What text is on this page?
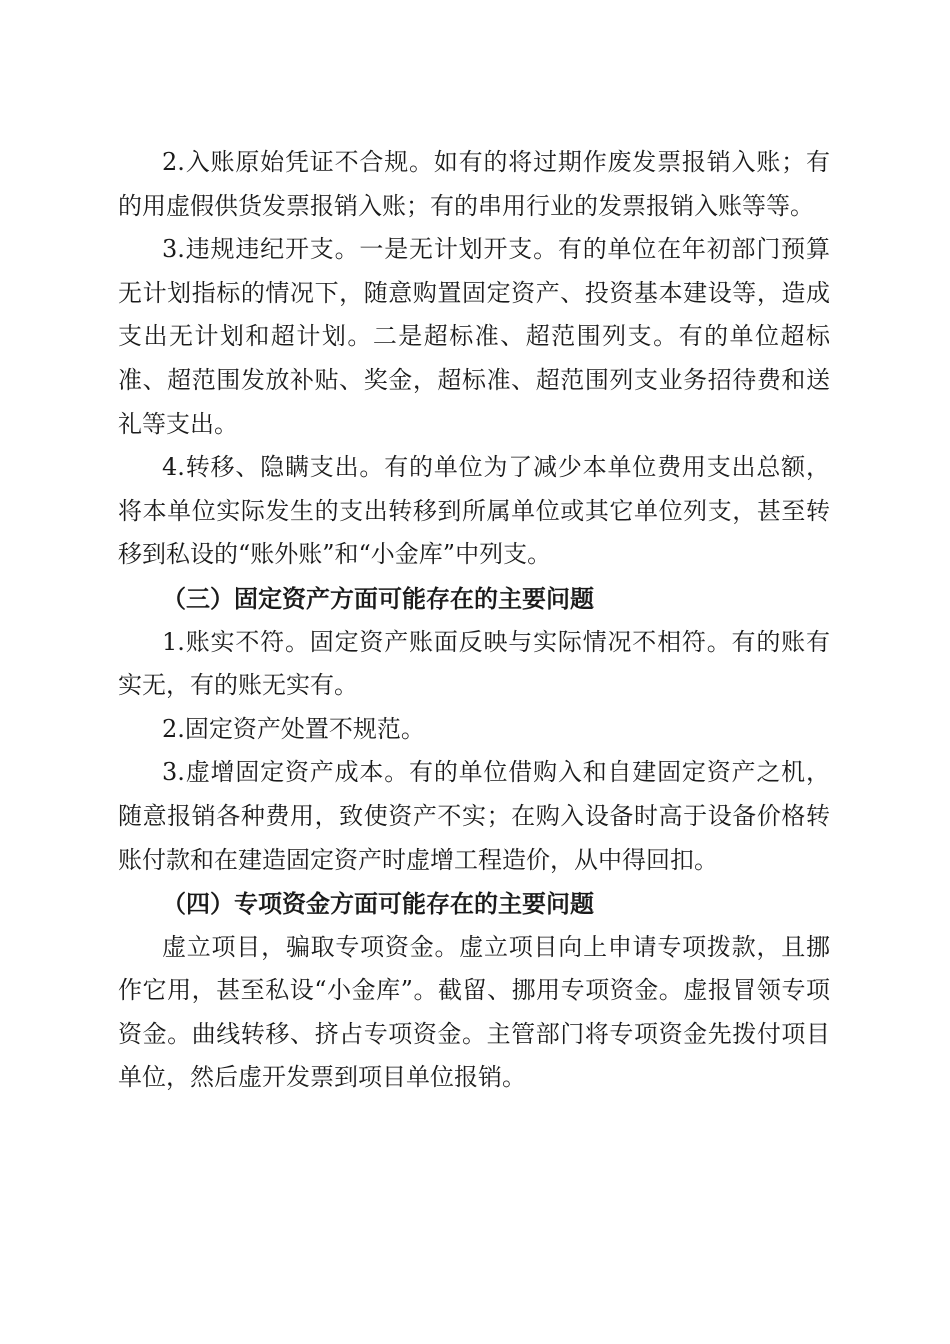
2.入账原始凭证不合规。如有的将过期作废发票报销入账；有的用虚假供货发票报销入账；有的串用行业的发票报销入账等等。

3.违规违纪开支。一是无计划开支。有的单位在年初部门预算无计划指标的情况下，随意购置固定资产、投资基本建设等，造成支出无计划和超计划。二是超标准、超范围列支。有的单位超标准、超范围发放补贴、奖金，超标准、超范围列支业务招待费和送礼等支出。

4.转移、隐瞒支出。有的单位为了减少本单位费用支出总额，将本单位实际发生的支出转移到所属单位或其它单位列支，甚至转移到私设的“账外账”和“小金库”中列支。

（三）固定资产方面可能存在的主要问题

1.账实不符。固定资产账面反映与实际情况不相符。有的账有实无，有的账无实有。

2.固定资产处置不规范。

3.虚增固定资产成本。有的单位借购入和自建固定资产之机，随意报销各种费用，致使资产不实；在购入设备时高于设备价格转账付款和在建造固定资产时虚增工程造价，从中得回扣。

（四）专项资金方面可能存在的主要问题

虚立项目，骗取专项资金。虚立项目向上申请专项拨款，且挪作它用，甚至私设“小金库”。截留、挪用专项资金。虚报冒领专项资金。曲线转移、挤占专项资金。主管部门将专项资金先拨付项目单位，然后虚开发票到项目单位报销。
